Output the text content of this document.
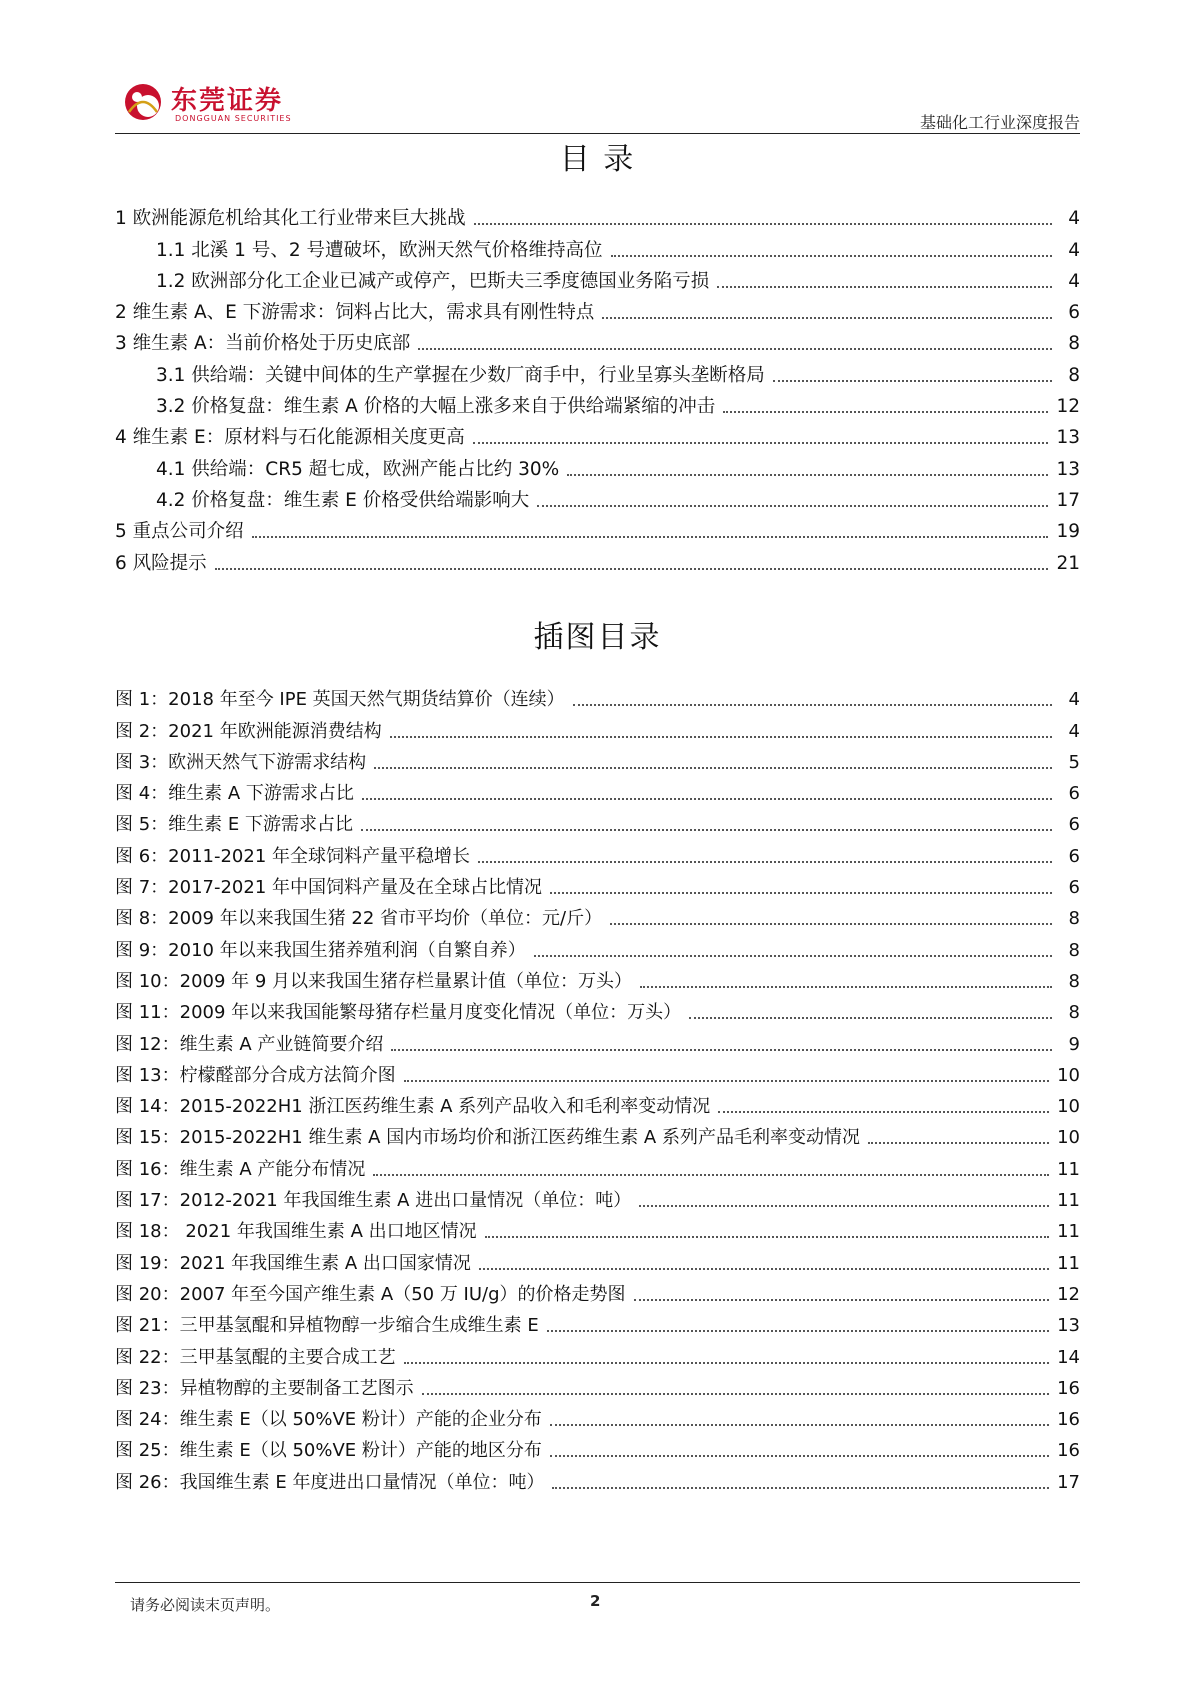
东莞证券
DONGGUAN SECURITIES	基础化工行业深度报告
目 录
1 欧洲能源危机给其化工行业带来巨大挑战	4
1.1 北溪 1 号、2 号遭破坏，欧洲天然气价格维持高位	4
1.2 欧洲部分化工企业已减产或停产，巴斯夫三季度德国业务陷亏损	4
2 维生素 A、E 下游需求：饲料占比大，需求具有刚性特点	6
3 维生素 A：当前价格处于历史底部	8
3.1 供给端：关键中间体的生产掌握在少数厂商手中，行业呈寡头垄断格局	8
3.2 价格复盘：维生素 A 价格的大幅上涨多来自于供给端紧缩的冲击	12
4 维生素 E：原材料与石化能源相关度更高	13
4.1 供给端：CR5 超七成，欧洲产能占比约 30%	13
4.2 价格复盘：维生素 E 价格受供给端影响大	17
5 重点公司介绍	19
6 风险提示	21
插图目录
图 1：2018 年至今 IPE 英国天然气期货结算价（连续）	4
图 2：2021 年欧洲能源消费结构	4
图 3：欧洲天然气下游需求结构	5
图 4：维生素 A 下游需求占比	6
图 5：维生素 E 下游需求占比	6
图 6：2011-2021 年全球饲料产量平稳增长	6
图 7：2017-2021 年中国饲料产量及在全球占比情况	6
图 8：2009 年以来我国生猪 22 省市平均价（单位：元/斤）	8
图 9：2010 年以来我国生猪养殖利润（自繁自养）	8
图 10：2009 年 9 月以来我国生猪存栏量累计值（单位：万头）	8
图 11：2009 年以来我国能繁母猪存栏量月度变化情况（单位：万头）	8
图 12：维生素 A 产业链简要介绍	9
图 13：柠檬醛部分合成方法简介图	10
图 14：2015-2022H1 浙江医药维生素 A 系列产品收入和毛利率变动情况	10
图 15：2015-2022H1 维生素 A 国内市场均价和浙江医药维生素 A 系列产品毛利率变动情况	10
图 16：维生素 A 产能分布情况	11
图 17：2012-2021 年我国维生素 A 进出口量情况（单位：吨）	11
图 18： 2021 年我国维生素 A 出口地区情况	11
图 19：2021 年我国维生素 A 出口国家情况	11
图 20：2007 年至今国产维生素 A（50 万 IU/g）的价格走势图	12
图 21：三甲基氢醌和异植物醇一步缩合生成维生素 E	13
图 22：三甲基氢醌的主要合成工艺	14
图 23：异植物醇的主要制备工艺图示	16
图 24：维生素 E（以 50%VE 粉计）产能的企业分布	16
图 25：维生素 E（以 50%VE 粉计）产能的地区分布	16
图 26：我国维生素 E 年度进出口量情况（单位：吨）	17
请务必阅读末页声明。	2
